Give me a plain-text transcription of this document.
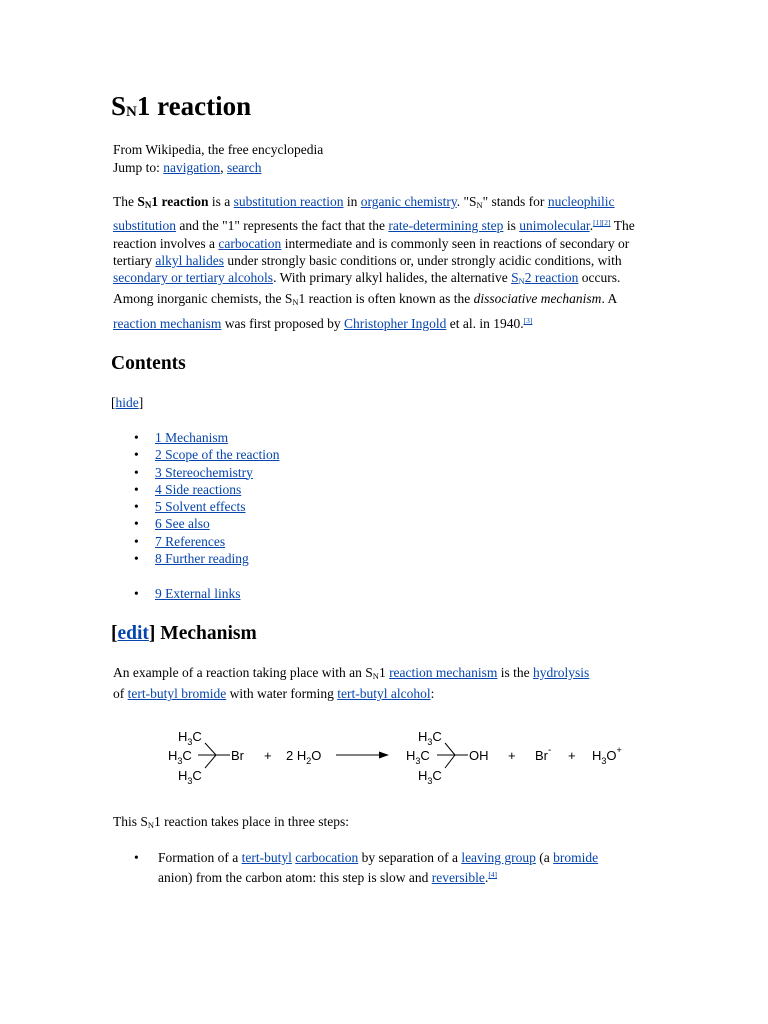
SN1 reaction
From Wikipedia, the free encyclopedia
Jump to: navigation, search

The SN1 reaction is a substitution reaction in organic chemistry. "$S_N$" stands for nucleophilic substitution and the "1" represents the fact that the rate-determining step is unimolecular.[1][2] The reaction involves a carbocation intermediate and is commonly seen in reactions of secondary or tertiary alkyl halides under strongly basic conditions or, under strongly acidic conditions, with secondary or tertiary alcohols. With primary alkyl halides, the alternative $S_N2$ reaction occurs. Among inorganic chemists, the $S_N1$ reaction is often known as the dissociative mechanism. A reaction mechanism was first proposed by Christopher Ingold et al. in 1940.[3]

Contents
[hide]
• 1 Mechanism
• 2 Scope of the reaction
• 3 Stereochemistry
• 4 Side reactions
• 5 Solvent effects
• 6 See also
• 7 References
• 8 Further reading
• 9 External links
[edit] Mechanism

An example of a reaction taking place with an $S_N1$ reaction mechanism is the hydrolysis
of tert-butyl bromide with water forming tert-butyl alcohol:

$H_3C$
$H_3C$
$H_3C$
Br + 2 $H_2O$
$H_3C$
$H_3C$
$H_3C$
OH + $Br^- + H_3O^+$

This $S_N1$ reaction takes place in three steps:

• Formation of a tert-butyl carbocation by separation of a leaving group (a bromide
anion) from the carbon atom: this step is slow and reversible.[4]
